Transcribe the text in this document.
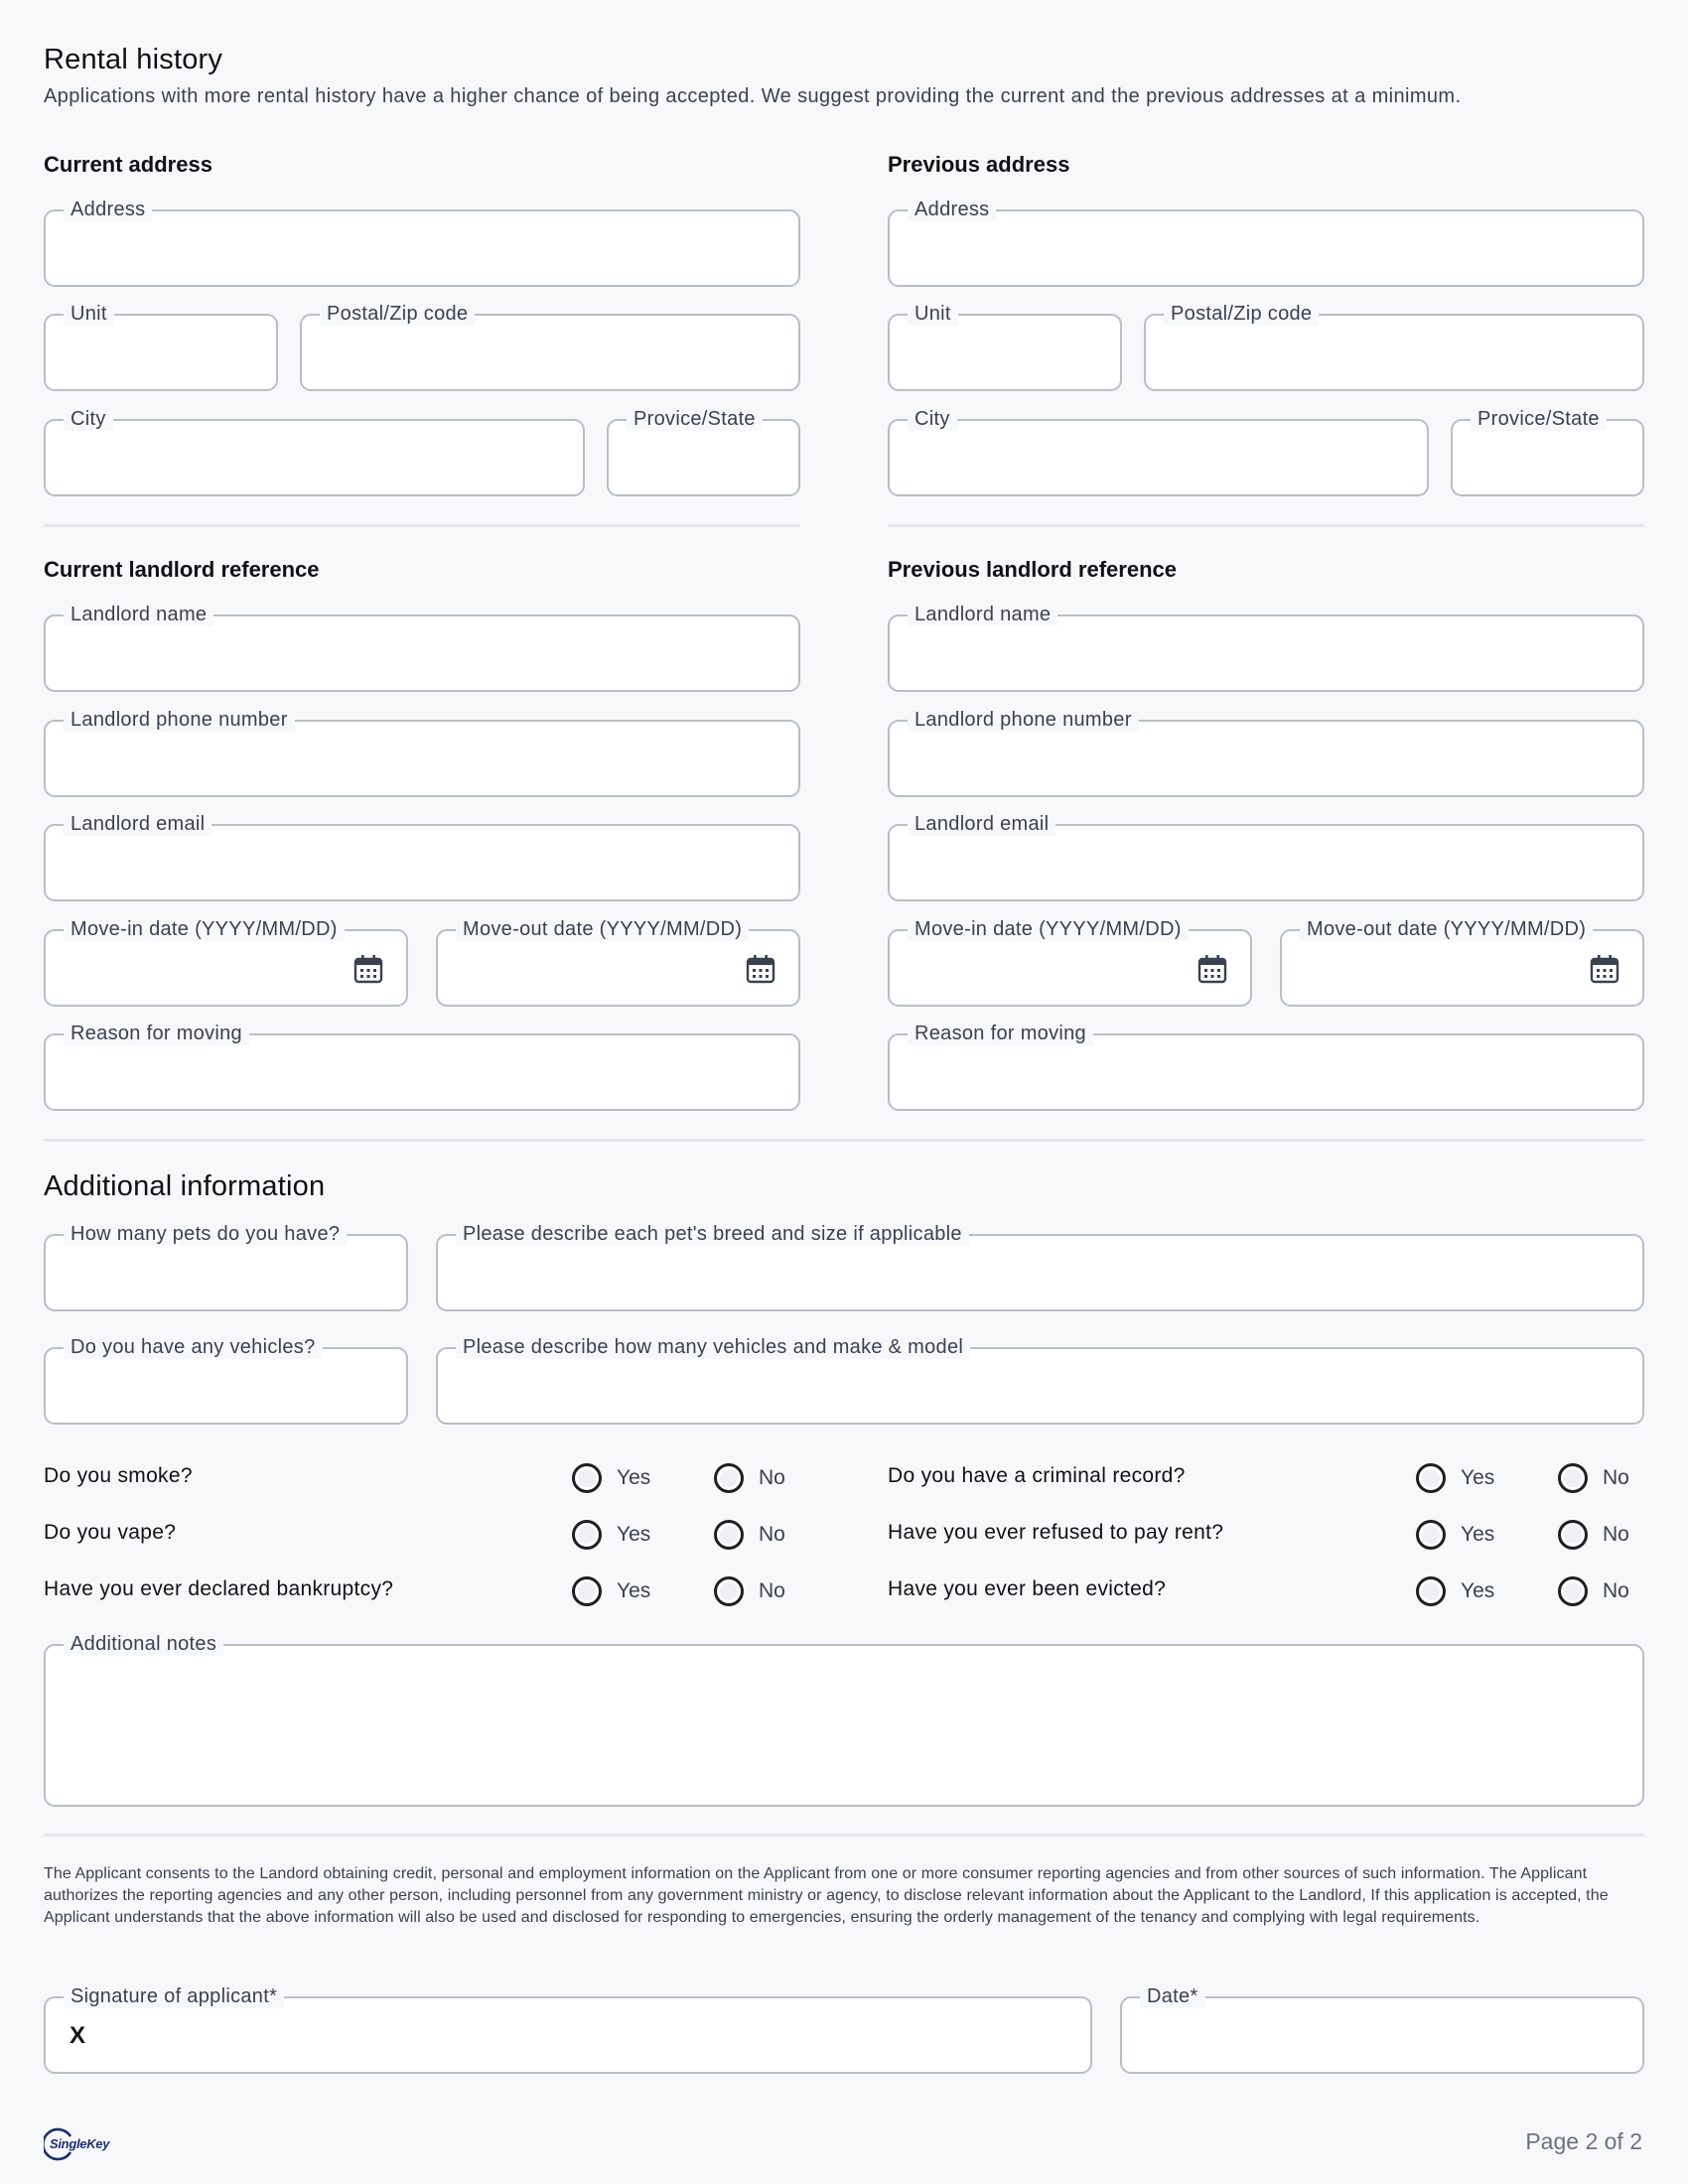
Rental history
Applications with more rental history have a higher chance of being accepted. We suggest providing the current and the previous addresses at a minimum.
Current address
Address
Unit	Postal/Zip code
City	Provice/State
Previous address
Address
Unit	Postal/Zip code
City	Provice/State
Current landlord reference
Landlord name
Landlord phone number
Landlord email
Move-in date (YYYY/MM/DD)	Move-out date (YYYY/MM/DD)
Reason for moving
Previous landlord reference
Landlord name
Landlord phone number
Landlord email
Move-in date (YYYY/MM/DD)	Move-out date (YYYY/MM/DD)
Reason for moving
Additional information
How many pets do you have?	Please describe each pet's breed and size if applicable
Do you have any vehicles?	Please describe how many vehicles and make & model
Do you smoke?	Yes	No
Do you vape?	Yes	No
Have you ever declared bankruptcy?	Yes	No
Do you have a criminal record?	Yes	No
Have you ever refused to pay rent?	Yes	No
Have you ever been evicted?	Yes	No
Additional notes
The Applicant consents to the Landord obtaining credit, personal and employment information on the Applicant from one or more consumer reporting agencies and from other sources of such information. The Applicant authorizes the reporting agencies and any other person, including personnel from any government ministry or agency, to disclose relevant information about the Applicant to the Landlord, If this application is accepted, the Applicant understands that the above information will also be used and disclosed for responding to emergencies, ensuring the orderly management of the tenancy and complying with legal requirements.
Signature of applicant*
X
Date*
SingleKey	Page 2 of 2
